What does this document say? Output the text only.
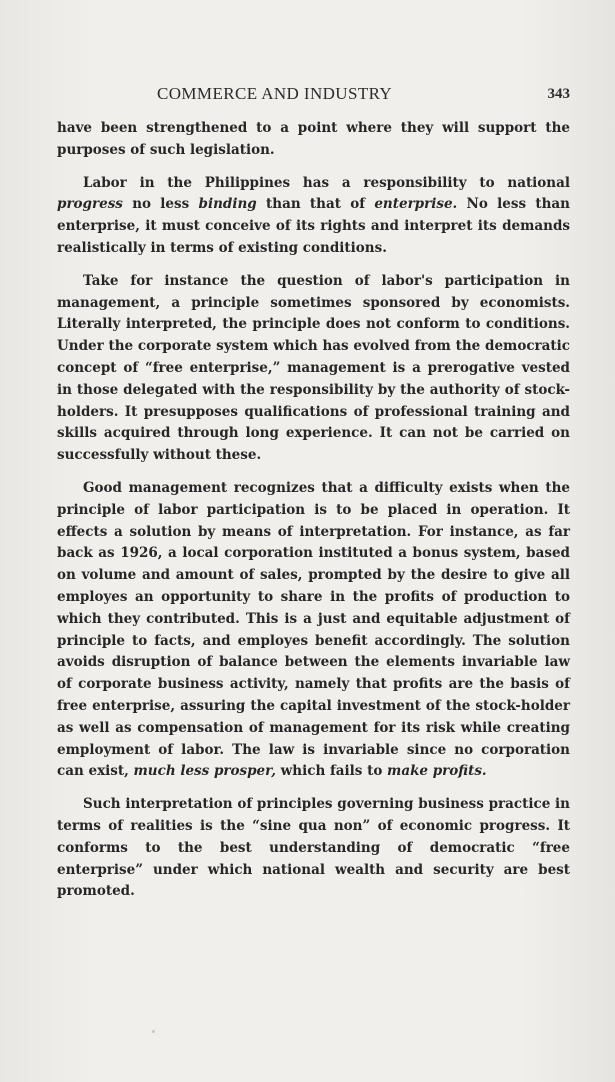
COMMERCE AND INDUSTRY	343

have been strengthened to a point where they will support the purposes of such legislation.

Labor in the Philippines has a responsibility to national progress no less binding than that of enterprise. No less than enterprise, it must conceive of its rights and interpret its demands realistically in terms of existing conditions.

Take for instance the question of labor's participation in management, a principle sometimes sponsored by economists. Literally interpreted, the principle does not conform to conditions. Under the corporate system which has evolved from the democratic concept of “free enterprise,” management is a prerogative vested in those delegated with the responsibility by the authority of stock-holders. It presupposes qualifications of professional training and skills acquired through long experience. It can not be carried on successfully without these.

Good management recognizes that a difficulty exists when the principle of labor participation is to be placed in operation. It effects a solution by means of interpretation. For instance, as far back as 1926, a local corporation instituted a bonus system, based on volume and amount of sales, prompted by the desire to give all employes an opportunity to share in the profits of production to which they contributed. This is a just and equitable adjustment of principle to facts, and employes benefit accordingly. The solution avoids disruption of balance between the elements invariable law of corporate business activity, namely that profits are the basis of free enterprise, assuring the capital investment of the stock-holder as well as compensation of management for its risk while creating employment of labor. The law is invariable since no corporation can exist, much less prosper, which fails to make profits.

Such interpretation of principles governing business practice in terms of realities is the “sine qua non” of economic progress. It conforms to the best understanding of democratic “free enterprise” under which national wealth and security are best promoted.
